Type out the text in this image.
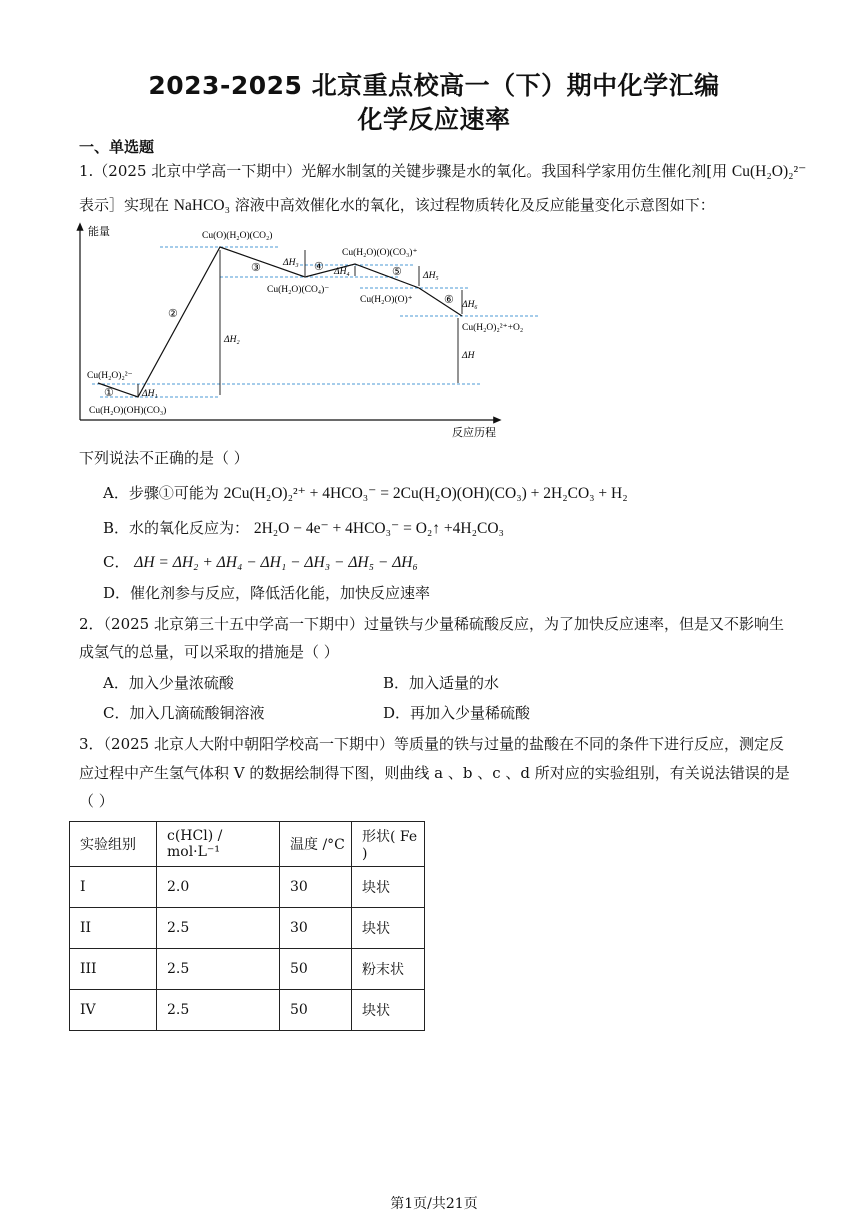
2023-2025 北京重点校高一（下）期中化学汇编
化学反应速率
一、单选题
1.（2025 北京中学高一下期中）光解水制氢的关键步骤是水的氧化。我国科学家用仿生催化剂[用 Cu(H₂O)₂²⁻
表示］实现在 NaHCO₃ 溶液中高效催化水的氧化，该过程物质转化及反应能量变化示意图如下：
能量
反应历程
Cu(H₂O)₂²⁻
Cu(H₂O)(OH)(CO₃)
Cu(O)(H₂O)(CO₂)
Cu(H₂O)(CO₄)⁻
Cu(H₂O)(O)(CO₃)⁺
Cu(H₂O)(O)⁺
Cu(H₂O)₂²⁺+O₂
①
②
③	④	⑤
⑥
ΔH₁
ΔH₂
ΔH₃
ΔH₄	ΔH₅
ΔH₆
ΔH
下列说法不正确的是（ ）
A．步骤①可能为 2Cu(H₂O)₂²⁺ + 4HCO₃⁻ = 2Cu(H₂O)(OH)(CO₃) + 2H₂CO₃ + H₂
B．水的氧化反应为： 2H₂O − 4e⁻ + 4HCO₃⁻ = O₂↑ +4H₂CO₃
C． ΔH = ΔH₂ + ΔH₄ − ΔH₁ − ΔH₃ − ΔH₅ − ΔH₆
D．催化剂参与反应，降低活化能，加快反应速率
2．（2025 北京第三十五中学高一下期中）过量铁与少量稀硫酸反应，为了加快反应速率，但是又不影响生
成氢气的总量，可以采取的措施是（ ）
A．加入少量浓硫酸	B．加入适量的水
C．加入几滴硫酸铜溶液	D．再加入少量稀硫酸
3．（2025 北京人大附中朝阳学校高一下期中）等质量的铁与过量的盐酸在不同的条件下进行反应，测定反
应过程中产生氢气体积 V 的数据绘制得下图，则曲线 a 、b 、c 、d 所对应的实验组别，有关说法错误的是
（ ）
实验组别	c(HCl) / mol·L⁻¹	温度 /°C	形状( Fe )
I	2.0	30	块状
II	2.5	30	块状
III	2.5	50	粉末状
IV	2.5	50	块状
第1页/共21页
